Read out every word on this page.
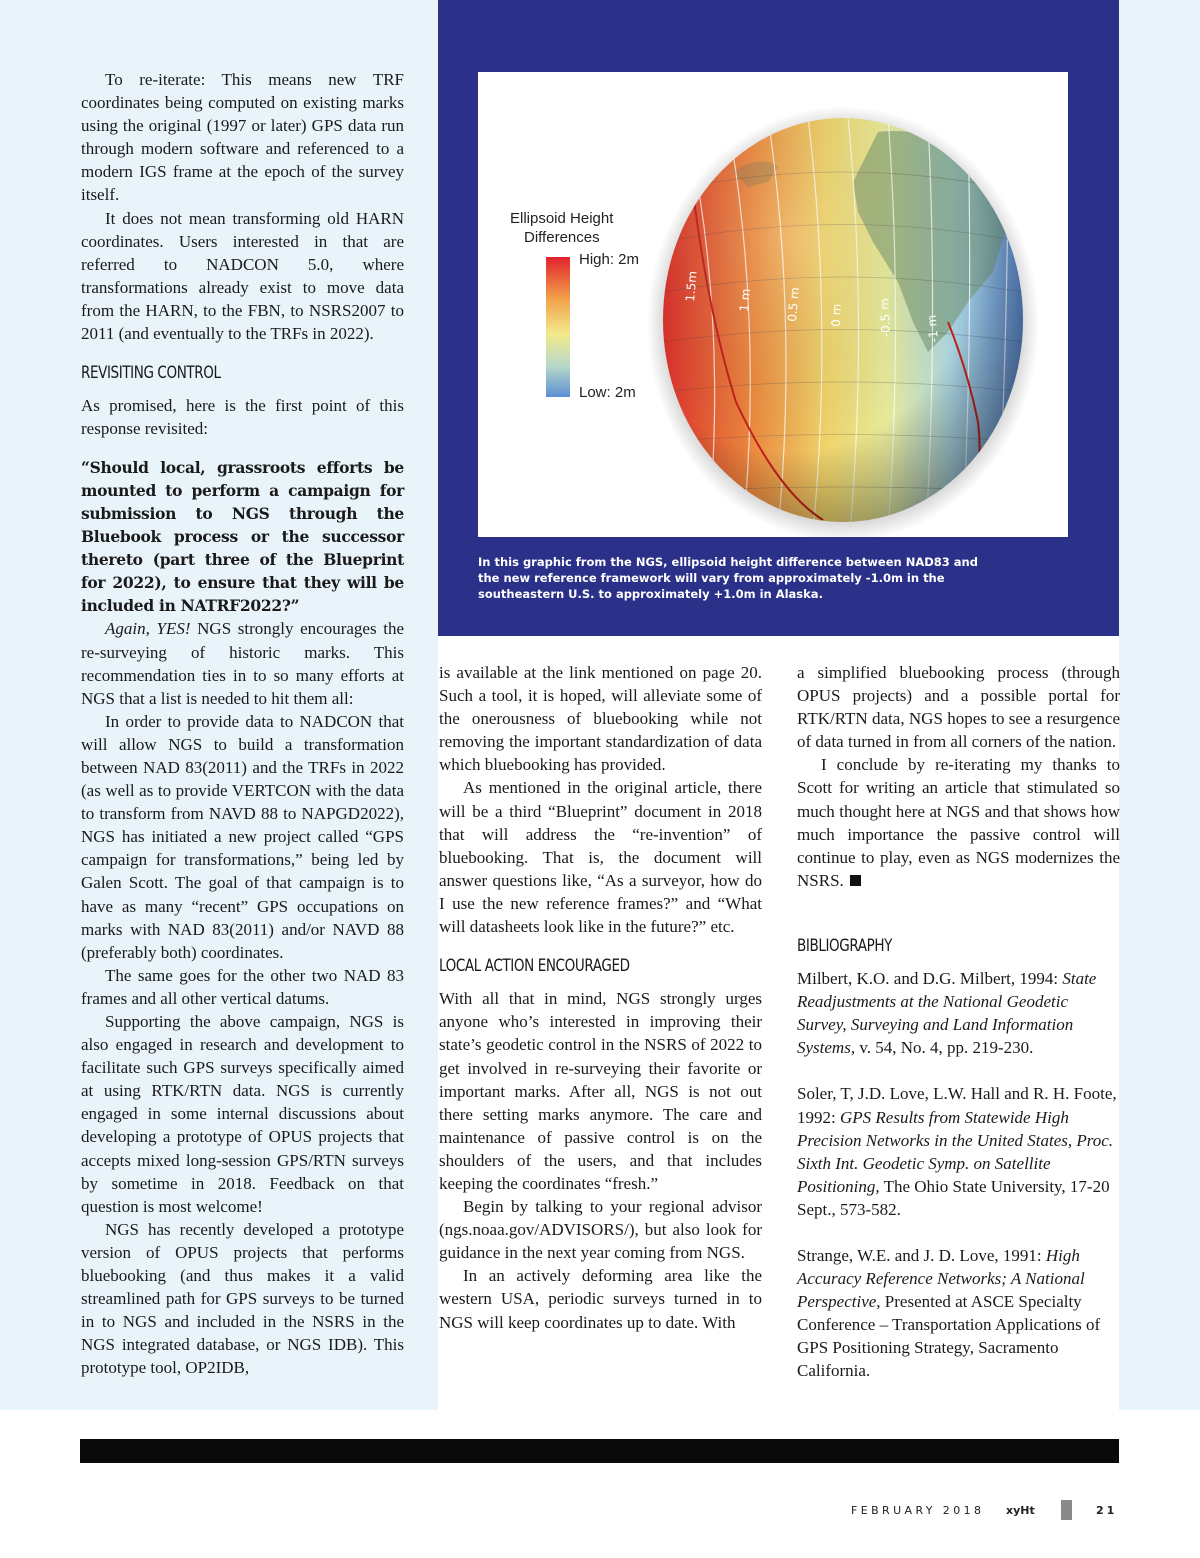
1.5m	1 m	0.5 m 0 m	-0.5 m	-1 m
Ellipsoid Height
Differences
High: 2m
Low: 2m
In this graphic from the NGS, ellipsoid height difference between NAD83 and the new reference framework will vary from approximately -1.0m in the southeastern U.S. to approximately +1.0m in Alaska.

To re-iterate: This means new TRF coordinates being computed on existing marks using the original (1997 or later) GPS data run through modern software and referenced to a modern IGS frame at the epoch of the survey itself.

It does not mean transforming old HARN coordinates. Users interested in that are referred to NADCON 5.0, where transformations already exist to move data from the HARN, to the FBN, to NSRS2007 to 2011 (and eventually to the TRFs in 2022).

REVISITING CONTROL

As promised, here is the first point of this response revisited:

“Should local, grassroots efforts be mounted to perform a campaign for submission to NGS through the Bluebook process or the successor thereto (part three of the Blueprint for 2022), to ensure that they will be included in NATRF2022?”

Again, YES! NGS strongly encourages the re-surveying of historic marks. This recommendation ties in to so many efforts at NGS that a list is needed to hit them all:

In order to provide data to NADCON that will allow NGS to build a transformation between NAD 83(2011) and the TRFs in 2022 (as well as to provide VERTCON with the data to transform from NAVD 88 to NAPGD2022), NGS has initiated a new project called “GPS campaign for transformations,” being led by Galen Scott. The goal of that campaign is to have as many “recent” GPS occupations on marks with NAD 83(2011) and/or NAVD 88 (preferably both) coordinates.

The same goes for the other two NAD 83 frames and all other vertical datums.

Supporting the above campaign, NGS is also engaged in research and development to facilitate such GPS surveys specifically aimed at using RTK/RTN data. NGS is currently engaged in some internal discussions about developing a prototype of OPUS projects that accepts mixed long-session GPS/RTN surveys by sometime in 2018. Feedback on that question is most welcome!

NGS has recently developed a prototype version of OPUS projects that performs bluebooking (and thus makes it a valid streamlined path for GPS surveys to be turned in to NGS and included in the NSRS in the NGS integrated database, or NGS IDB). This prototype tool, OP2IDB,

is available at the link mentioned on page 20. Such a tool, it is hoped, will alleviate some of the onerousness of bluebooking while not removing the important standardization of data which bluebooking has provided.

As mentioned in the original article, there will be a third “Blueprint” document in 2018 that will address the “re-invention” of bluebooking. That is, the document will answer questions like, “As a surveyor, how do I use the new reference frames?” and “What will datasheets look like in the future?” etc.

LOCAL ACTION ENCOURAGED

With all that in mind, NGS strongly urges anyone who’s interested in improving their state’s geodetic control in the NSRS of 2022 to get involved in re-surveying their favorite or important marks. After all, NGS is not out there setting marks anymore. The care and maintenance of passive control is on the shoulders of the users, and that includes keeping the coordinates “fresh.”

Begin by talking to your regional advisor (ngs.noaa.gov/ADVISORS/), but also look for guidance in the next year coming from NGS.

In an actively deforming area like the western USA, periodic surveys turned in to NGS will keep coordinates up to date. With

a simplified bluebooking process (through OPUS projects) and a possible portal for RTK/RTN data, NGS hopes to see a resurgence of data turned in from all corners of the nation.

I conclude by re-iterating my thanks to Scott for writing an article that stimulated so much thought here at NGS and that shows how much importance the passive control will continue to play, even as NGS modernizes the NSRS.

BIBLIOGRAPHY

Milbert, K.O. and D.G. Milbert, 1994: State Readjustments at the National Geodetic Survey, Surveying and Land Information Systems, v. 54, No. 4, pp. 219-230.

Soler, T, J.D. Love, L.W. Hall and R. H. Foote, 1992: GPS Results from Statewide High Precision Networks in the United States, Proc. Sixth Int. Geodetic Symp. on Satellite Positioning, The Ohio State University, 17-20 Sept., 573-582.

Strange, W.E. and J. D. Love, 1991: High Accuracy Reference Networks; A National Perspective, Presented at ASCE Specialty Conference – Transportation Applications of GPS Positioning Strategy, Sacramento California.

FEBRUARY 2018 xyHt	21
